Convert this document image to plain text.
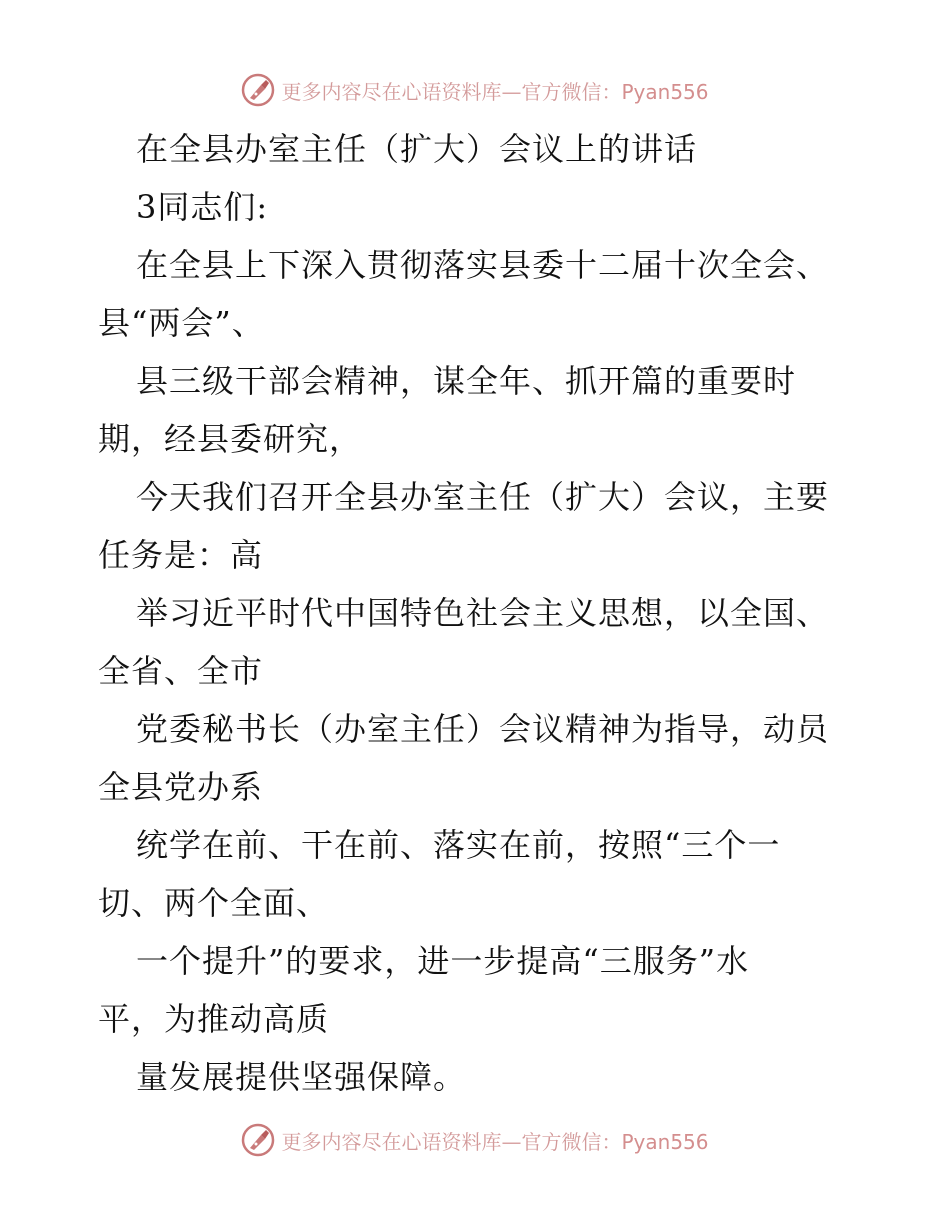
更多内容尽在心语资料库—官方微信：Pyan556
在全县办室主任（扩大）会议上的讲话
3同志们:
在全县上下深入贯彻落实县委十二届十次全会、
县“两会”、
县三级干部会精神，谋全年、抓开篇的重要时
期，经县委研究，
今天我们召开全县办室主任（扩大）会议，主要
任务是：高
举习近平时代中国特色社会主义思想，以全国、
全省、全市
党委秘书长（办室主任）会议精神为指导，动员
全县党办系
统学在前、干在前、落实在前，按照“三个一
切、两个全面、
一个提升”的要求，进一步提高“三服务”水
平，为推动高质
量发展提供坚强保障。
更多内容尽在心语资料库—官方微信：Pyan556
